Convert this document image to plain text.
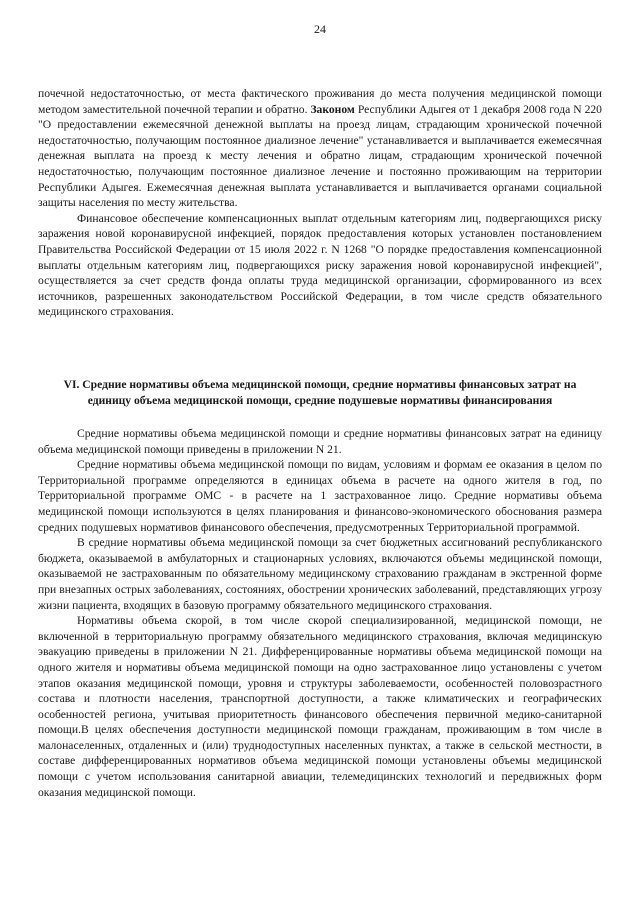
24

почечной недостаточностью, от места фактического проживания до места получения медицинской помощи методом заместительной почечной терапии и обратно. Законом Республики Адыгея от 1 декабря 2008 года N 220 "О предоставлении ежемесячной денежной выплаты на проезд лицам, страдающим хронической почечной недостаточностью, получающим постоянное диализное лечение" устанавливается и выплачивается ежемесячная денежная выплата на проезд к месту лечения и обратно лицам, страдающим хронической почечной недостаточностью, получающим постоянное диализное лечение и постоянно проживающим на территории Республики Адыгея. Ежемесячная денежная выплата устанавливается и выплачивается органами социальной защиты населения по месту жительства.

Финансовое обеспечение компенсационных выплат отдельным категориям лиц, подвергающихся риску заражения новой коронавирусной инфекцией, порядок предоставления которых установлен постановлением Правительства Российской Федерации от 15 июля 2022 г. N 1268 "О порядке предоставления компенсационной выплаты отдельным категориям лиц, подвергающихся риску заражения новой коронавирусной инфекцией", осуществляется за счет средств фонда оплаты труда медицинской организации, сформированного из всех источников, разрешенных законодательством Российской Федерации, в том числе средств обязательного медицинского страхования.

VI. Средние нормативы объема медицинской помощи, средние нормативы финансовых затрат на единицу объема медицинской помощи, средние подушевые нормативы финансирования

Средние нормативы объема медицинской помощи и средние нормативы финансовых затрат на единицу объема медицинской помощи приведены в приложении N 21.

Средние нормативы объема медицинской помощи по видам, условиям и формам ее оказания в целом по Территориальной программе определяются в единицах объема в расчете на одного жителя в год, по Территориальной программе ОМС - в расчете на 1 застрахованное лицо. Средние нормативы объема медицинской помощи используются в целях планирования и финансово-экономического обоснования размера средних подушевых нормативов финансового обеспечения, предусмотренных Территориальной программой.

В средние нормативы объема медицинской помощи за счет бюджетных ассигнований республиканского бюджета, оказываемой в амбулаторных и стационарных условиях, включаются объемы медицинской помощи, оказываемой не застрахованным по обязательному медицинскому страхованию гражданам в экстренной форме при внезапных острых заболеваниях, состояниях, обострении хронических заболеваний, представляющих угрозу жизни пациента, входящих в базовую программу обязательного медицинского страхования.

Нормативы объема скорой, в том числе скорой специализированной, медицинской помощи, не включенной в территориальную программу обязательного медицинского страхования, включая медицинскую эвакуацию приведены в приложении N 21. Дифференцированные нормативы объема медицинской помощи на одного жителя и нормативы объема медицинской помощи на одно застрахованное лицо установлены с учетом этапов оказания медицинской помощи, уровня и структуры заболеваемости, особенностей половозрастного состава и плотности населения, транспортной доступности, а также климатических и географических особенностей региона, учитывая приоритетность финансового обеспечения первичной медико-санитарной помощи.В целях обеспечения доступности медицинской помощи гражданам, проживающим в том числе в малонаселенных, отдаленных и (или) труднодоступных населенных пунктах, а также в сельской местности, в составе дифференцированных нормативов объема медицинской помощи установлены объемы медицинской помощи с учетом использования санитарной авиации, телемедицинских технологий и передвижных форм оказания медицинской помощи.
